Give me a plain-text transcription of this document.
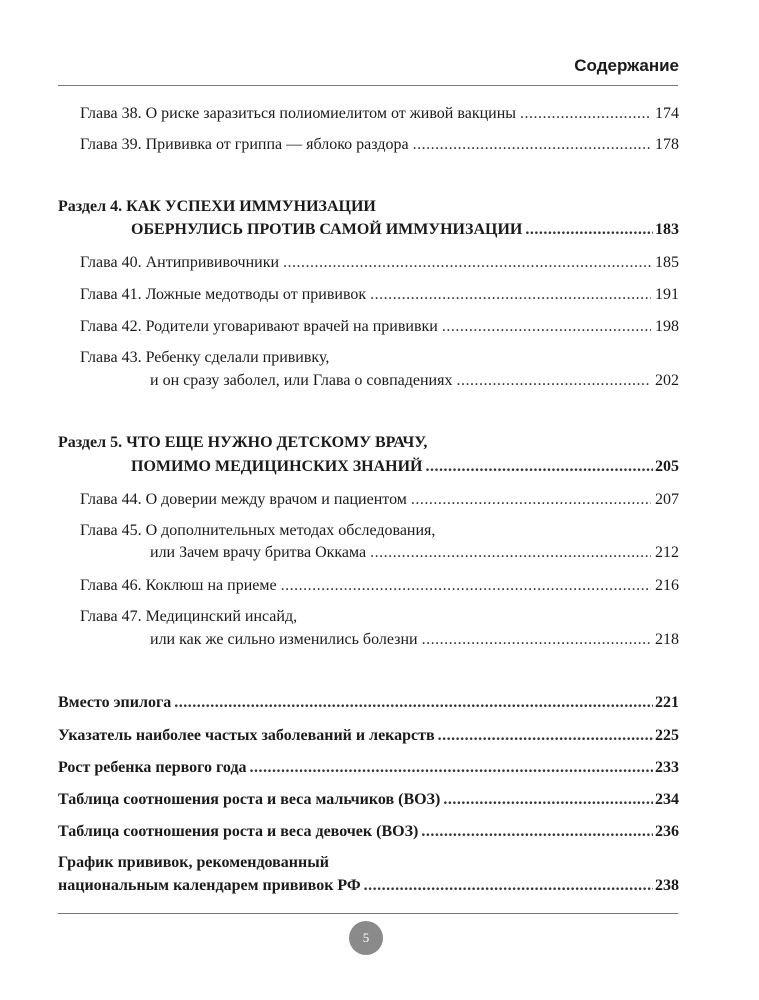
Содержание
Глава 38. О риске заразиться полиомиелитом от живой вакцины .....	174
Глава 39. Прививка от гриппа — яблоко раздора .....	178
Раздел 4. КАК УСПЕХИ ИММУНИЗАЦИИ
ОБЕРНУЛИСЬ ПРОТИВ САМОЙ ИММУНИЗАЦИИ .....	183
Глава 40. Антипрививочники .....	185
Глава 41. Ложные медотводы от прививок .....	191
Глава 42. Родители уговаривают врачей на прививки .....	198
Глава 43. Ребенку сделали прививку,
и он сразу заболел, или Глава о совпадениях .....	202
Раздел 5. ЧТО ЕЩЕ НУЖНО ДЕТСКОМУ ВРАЧУ,
ПОМИМО МЕДИЦИНСКИХ ЗНАНИЙ .....	205
Глава 44. О доверии между врачом и пациентом .....	207
Глава 45. О дополнительных методах обследования,
или Зачем врачу бритва Оккама .....	212
Глава 46. Коклюш на приеме .....	216
Глава 47. Медицинский инсайд,
или как же сильно изменились болезни .....	218
Вместо эпилога .....	221
Указатель наиболее частых заболеваний и лекарств .....	225
Рост ребенка первого года .....	233
Таблица соотношения роста и веса мальчиков (ВОЗ) .....	234
Таблица соотношения роста и веса девочек (ВОЗ) .....	236
График прививок, рекомендованный
национальным календарем прививок РФ .....	238
5
